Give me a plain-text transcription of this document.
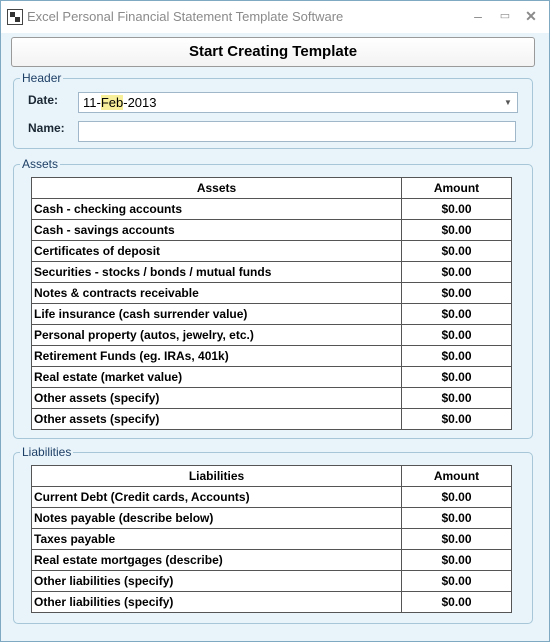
Excel Personal Financial Statement Template Software	–	▭	✕
Start Creating Template
Header
Date:	11-Feb-2013	▼
Name:
Assets
Assets	Amount
Cash - checking accounts	$0.00
Cash - savings accounts	$0.00
Certificates of deposit	$0.00
Securities - stocks / bonds / mutual funds	$0.00
Notes & contracts receivable	$0.00
Life insurance (cash surrender value)	$0.00
Personal property (autos, jewelry, etc.)	$0.00
Retirement Funds (eg. IRAs, 401k)	$0.00
Real estate (market value)	$0.00
Other assets (specify)	$0.00
Other assets (specify)	$0.00
Liabilities
Liabilities	Amount
Current Debt (Credit cards, Accounts)	$0.00
Notes payable (describe below)	$0.00
Taxes payable	$0.00
Real estate mortgages (describe)	$0.00
Other liabilities (specify)	$0.00
Other liabilities (specify)	$0.00
